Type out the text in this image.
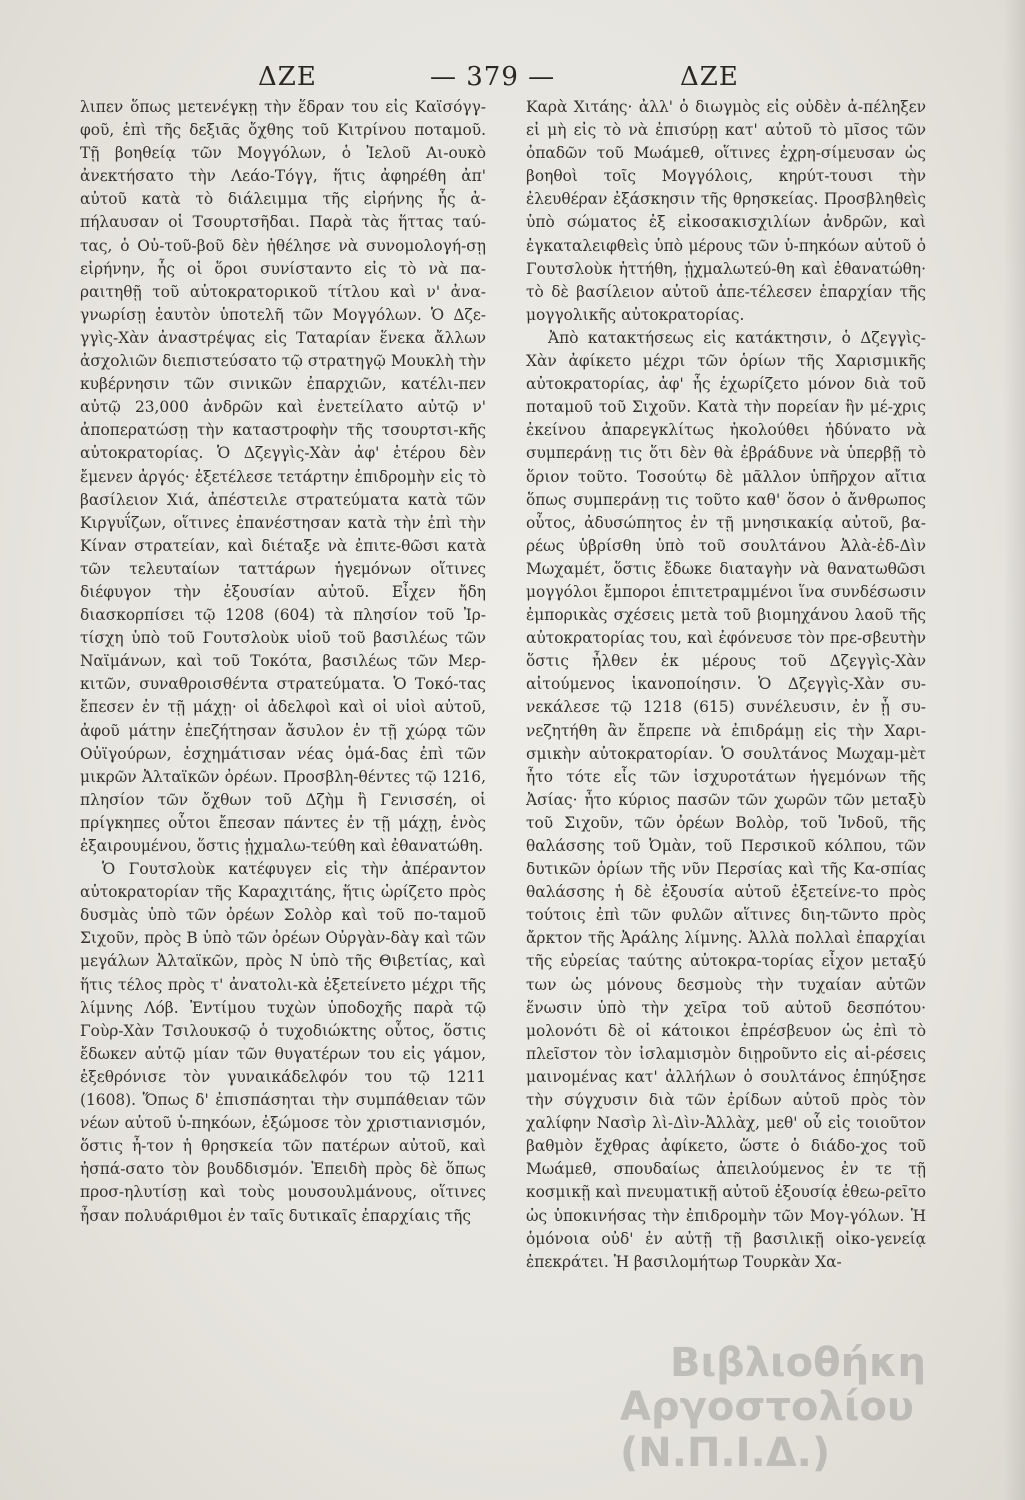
ΔΖΕ	— 379 —	ΔΖΕ

λιπεν ὅπως μετενέγκῃ τὴν ἕδραν του εἰς Καϊσόγγ-φοῦ, ἐπὶ τῆς δεξιᾶς ὄχθης τοῦ Κιτρίνου ποταμοῦ. Τῇ βοηθείᾳ τῶν Μογγόλων, ὁ Ἰελοῦ Αι-ουκὸ ἀνεκτήσατο τὴν Λεάο-Τόγγ, ἥτις ἀφηρέθη ἀπ' αὐτοῦ κατὰ τὸ διάλειμμα τῆς εἰρήνης ἧς ἀ-πήλαυσαν οἱ Τσουρτσῆδαι. Παρὰ τὰς ἥττας ταύ-τας, ὁ Οὐ-τοῦ-βοῦ δὲν ἠθέλησε νὰ συνομολογή-σῃ εἰρήνην, ἧς οἱ ὅροι συνίσταντο εἰς τὸ νὰ πα-ραιτηθῇ τοῦ αὐτοκρατορικοῦ τίτλου καὶ ν' ἀνα-γνωρίσῃ ἑαυτὸν ὑποτελῆ τῶν Μογγόλων. Ὁ Δζε-γγὶς-Χὰν ἀναστρέψας εἰς Ταταρίαν ἕνεκα ἄλλων ἀσχολιῶν διεπιστεύσατο τῷ στρατηγῷ Μουκλὴ τὴν κυβέρνησιν τῶν σινικῶν ἐπαρχιῶν, κατέλι-πεν αὐτῷ 23,000 ἀνδρῶν καὶ ἐνετείλατο αὐτῷ ν' ἀποπερατώσῃ τὴν καταστροφὴν τῆς τσουρτσι-κῆς αὐτοκρατορίας. Ὁ Δζεγγὶς-Χὰν ἀφ' ἑτέρου δὲν ἔμενεν ἀργός· ἐξετέλεσε τετάρτην ἐπιδρομὴν εἰς τὸ βασίλειον Χιά, ἀπέστειλε στρατεύματα κατὰ τῶν Κιργυΐζων, οἵτινες ἐπανέστησαν κατὰ τὴν ἐπὶ τὴν Κίναν στρατείαν, καὶ διέταξε νὰ ἐπιτε-θῶσι κατὰ τῶν τελευταίων ταττάρων ἡγεμόνων οἵτινες διέφυγον τὴν ἐξουσίαν αὐτοῦ. Εἶχεν ἤδη διασκορπίσει τῷ 1208 (604) τὰ πλησίον τοῦ Ἰρ-τίσχη ὑπὸ τοῦ Γουτσλοὺκ υἱοῦ τοῦ βασιλέως τῶν Ναϊμάνων, καὶ τοῦ Τοκότα, βασιλέως τῶν Μερ-κιτῶν, συναθροισθέντα στρατεύματα. Ὁ Τοκό-τας ἔπεσεν ἐν τῇ μάχῃ· οἱ ἀδελφοὶ καὶ οἱ υἱοὶ αὐτοῦ, ἀφοῦ μάτην ἐπεζήτησαν ἄσυλον ἐν τῇ χώρᾳ τῶν Οὐϊγούρων, ἐσχημάτισαν νέας ὁμά-δας ἐπὶ τῶν μικρῶν Ἀλταϊκῶν ὀρέων. Προσβλη-θέντες τῷ 1216, πλησίον τῶν ὄχθων τοῦ Δζὴμ ἢ Γενισσέη, οἱ πρίγκηπες οὗτοι ἔπεσαν πάντες ἐν τῇ μάχῃ, ἑνὸς ἐξαιρουμένου, ὅστις ᾐχμαλω-τεύθη καὶ ἐθανατώθη.

Ὁ Γουτσλοὺκ κατέφυγεν εἰς τὴν ἀπέραντον αὐτοκρατορίαν τῆς Καραχιτάης, ἥτις ὡρίζετο πρὸς δυσμὰς ὑπὸ τῶν ὀρέων Σολὸρ καὶ τοῦ πο-ταμοῦ Σιχοῦν, πρὸς Β ὑπὸ τῶν ὀρέων Οὐργὰν-δὰγ καὶ τῶν μεγάλων Ἀλταϊκῶν, πρὸς Ν ὑπὸ τῆς Θιβετίας, καὶ ἥτις τέλος πρὸς τ' ἀνατολι-κὰ ἐξετείνετο μέχρι τῆς λίμνης Λόβ. Ἐντίμου τυχὼν ὑποδοχῆς παρὰ τῷ Γοὺρ-Χὰν Τσιλουκσῷ ὁ τυχοδιώκτης οὗτος, ὅστις ἔδωκεν αὐτῷ μίαν τῶν θυγατέρων του εἰς γάμον, ἐξεθρόνισε τὸν γυναικάδελφόν του τῷ 1211 (1608). Ὅπως δ' ἐπισπάσηται τὴν συμπάθειαν τῶν νέων αὐτοῦ ὑ-πηκόων, ἐξώμοσε τὸν χριστιανισμόν, ὅστις ἦ-τον ἡ θρησκεία τῶν πατέρων αὐτοῦ, καὶ ἠσπά-σατο τὸν βουδδισμόν. Ἐπειδὴ πρὸς δὲ ὅπως προσ-ηλυτίσῃ καὶ τοὺς μουσουλμάνους, οἵτινες ἦσαν πολυάριθμοι ἐν ταῖς δυτικαῖς ἐπαρχίαις τῆς

Καρὰ Χιτάης· ἀλλ' ὁ διωγμὸς εἰς οὐδὲν ἀ-πέληξεν εἰ μὴ εἰς τὸ νὰ ἐπισύρῃ κατ' αὐτοῦ τὸ μῖσος τῶν ὀπαδῶν τοῦ Μωάμεθ, οἵτινες ἐχρη-σίμευσαν ὡς βοηθοὶ τοῖς Μογγόλοις, κηρύτ-τουσι τὴν ἐλευθέραν ἐξάσκησιν τῆς θρησκείας. Προσβληθεὶς ὑπὸ σώματος ἐξ εἰκοσακισχιλίων ἀνδρῶν, καὶ ἐγκαταλειφθεὶς ὑπὸ μέρους τῶν ὑ-πηκόων αὐτοῦ ὁ Γουτσλοὺκ ἡττήθη, ᾐχμαλωτεύ-θη καὶ ἐθανατώθη· τὸ δὲ βασίλειον αὐτοῦ ἀπε-τέλεσεν ἐπαρχίαν τῆς μογγολικῆς αὐτοκρατορίας.

Ἀπὸ κατακτήσεως εἰς κατάκτησιν, ὁ Δζεγγὶς-Χὰν ἀφίκετο μέχρι τῶν ὁρίων τῆς Χαρισμικῆς αὐτοκρατορίας, ἀφ' ἧς ἐχωρίζετο μόνον διὰ τοῦ ποταμοῦ τοῦ Σιχοῦν. Κατὰ τὴν πορείαν ἣν μέ-χρις ἐκείνου ἀπαρεγκλίτως ἠκολούθει ἠδύνατο νὰ συμπεράνῃ τις ὅτι δὲν θὰ ἐβράδυνε νὰ ὑπερβῇ τὸ ὅριον τοῦτο. Τοσούτῳ δὲ μᾶλλον ὑπῆρχον αἴτια ὅπως συμπεράνῃ τις τοῦτο καθ' ὅσον ὁ ἄνθρωπος οὗτος, ἀδυσώπητος ἐν τῇ μνησικακίᾳ αὐτοῦ, βα-ρέως ὑβρίσθη ὑπὸ τοῦ σουλτάνου Ἀλὰ-ἐδ-Δὶν Μωχαμέτ, ὅστις ἔδωκε διαταγὴν νὰ θανατωθῶσι μογγόλοι ἔμποροι ἐπιτετραμμένοι ἵνα συνδέσωσιν ἐμπορικὰς σχέσεις μετὰ τοῦ βιομηχάνου λαοῦ τῆς αὐτοκρατορίας του, καὶ ἐφόνευσε τὸν πρε-σβευτὴν ὅστις ἦλθεν ἐκ μέρους τοῦ Δζεγγὶς-Χὰν αἰτούμενος ἱκανοποίησιν. Ὁ Δζεγγὶς-Χὰν συ-νεκάλεσε τῷ 1218 (615) συνέλευσιν, ἐν ᾗ συ-νεζητήθη ἂν ἔπρεπε νὰ ἐπιδράμῃ εἰς τὴν Χαρι-σμικὴν αὐτοκρατορίαν. Ὁ σουλτάνος Μωχαμ-μὲτ ἦτο τότε εἷς τῶν ἰσχυροτάτων ἡγεμόνων τῆς Ἀσίας· ἦτο κύριος πασῶν τῶν χωρῶν τῶν μεταξὺ τοῦ Σιχοῦν, τῶν ὀρέων Βολὸρ, τοῦ Ἰνδοῦ, τῆς θαλάσσης τοῦ Ὀμὰν, τοῦ Περσικοῦ κόλπου, τῶν δυτικῶν ὁρίων τῆς νῦν Περσίας καὶ τῆς Κα-σπίας θαλάσσης ἡ δὲ ἐξουσία αὐτοῦ ἐξετείνε-το πρὸς τούτοις ἐπὶ τῶν φυλῶν αἵτινες διη-τῶντο πρὸς ἄρκτον τῆς Ἀράλης λίμνης. Ἀλλὰ πολλαὶ ἐπαρχίαι τῆς εὐρείας ταύτης αὐτοκρα-τορίας εἶχον μεταξύ των ὡς μόνους δεσμοὺς τὴν τυχαίαν αὐτῶν ἕνωσιν ὑπὸ τὴν χεῖρα τοῦ αὐτοῦ δεσπότου· μολονότι δὲ οἱ κάτοικοι ἐπρέσβευον ὡς ἐπὶ τὸ πλεῖστον τὸν ἰσλαμισμὸν διῃροῦντο εἰς αἱ-ρέσεις μαινομένας κατ' ἀλλήλων ὁ σουλτάνος ἐπηύξησε τὴν σύγχυσιν διὰ τῶν ἐρίδων αὐτοῦ πρὸς τὸν χαλίφην Νασὶρ λὶ-Δὶν-Ἀλλὰχ, μεθ' οὗ εἰς τοιοῦτον βαθμὸν ἔχθρας ἀφίκετο, ὥστε ὁ διάδο-χος τοῦ Μωάμεθ, σπουδαίως ἀπειλούμενος ἐν τε τῇ κοσμικῇ καὶ πνευματικῇ αὐτοῦ ἐξουσίᾳ ἐθεω-ρεῖτο ὡς ὑποκινήσας τὴν ἐπιδρομὴν τῶν Μογ-γόλων. Ἡ ὁμόνοια οὐδ' ἐν αὐτῇ τῇ βασιλικῇ οἰκο-γενείᾳ ἐπεκράτει. Ἡ βασιλομήτωρ Τουρκὰν Χα-

Βιβλιοθήκη
Αργοστολίου (Ν.Π.Ι.Δ.)
